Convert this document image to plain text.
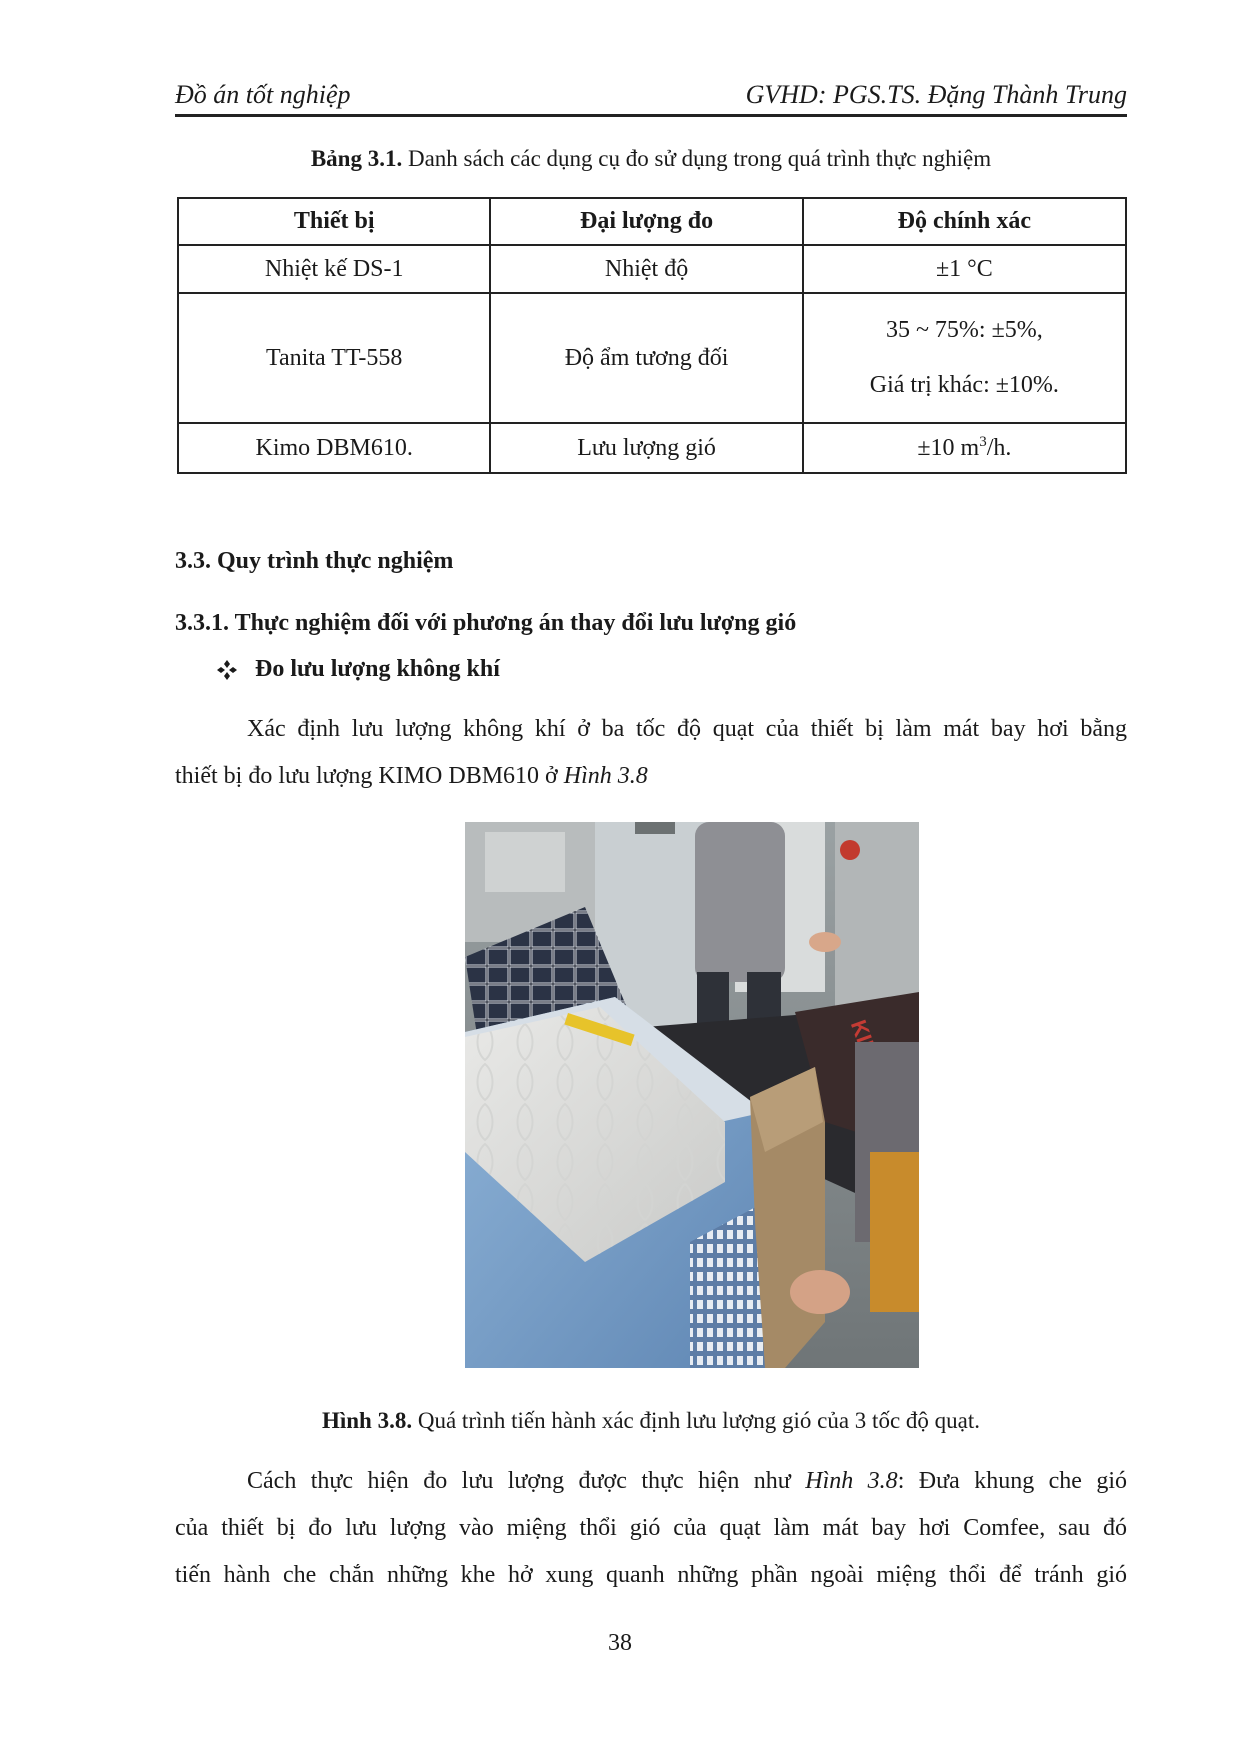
Đồ án tốt nghiệp	GVHD: PGS.TS. Đặng Thành Trung
Bảng 3.1. Danh sách các dụng cụ đo sử dụng trong quá trình thực nghiệm
Thiết bị	Đại lượng đo	Độ chính xác
Nhiệt kế DS-1	Nhiệt độ	±1 °C
Tanita TT-558	Độ ẩm tương đối	35 ~ 75%: ±5%,
Giá trị khác: ±10%.

Kimo DBM610.	Lưu lượng gió	±10 $m^3/h$.
3.3. Quy trình thực nghiệm
3.3.1. Thực nghiệm đối với phương án thay đổi lưu lượng gió
Đo lưu lượng không khí
Xác định lưu lượng không khí ở ba tốc độ quạt của thiết bị làm mát bay hơi bằng
thiết bị đo lưu lượng KIMO DBM610 ở Hình 3.8
Hình 3.8. Quá trình tiến hành xác định lưu lượng gió của 3 tốc độ quạt.
Cách thực hiện đo lưu lượng được thực hiện như Hình 3.8: Đưa khung che gió
của thiết bị đo lưu lượng vào miệng thổi gió của quạt làm mát bay hơi Comfee, sau đó
tiến hành che chắn những khe hở xung quanh những phần ngoài miệng thổi để tránh gió
38
